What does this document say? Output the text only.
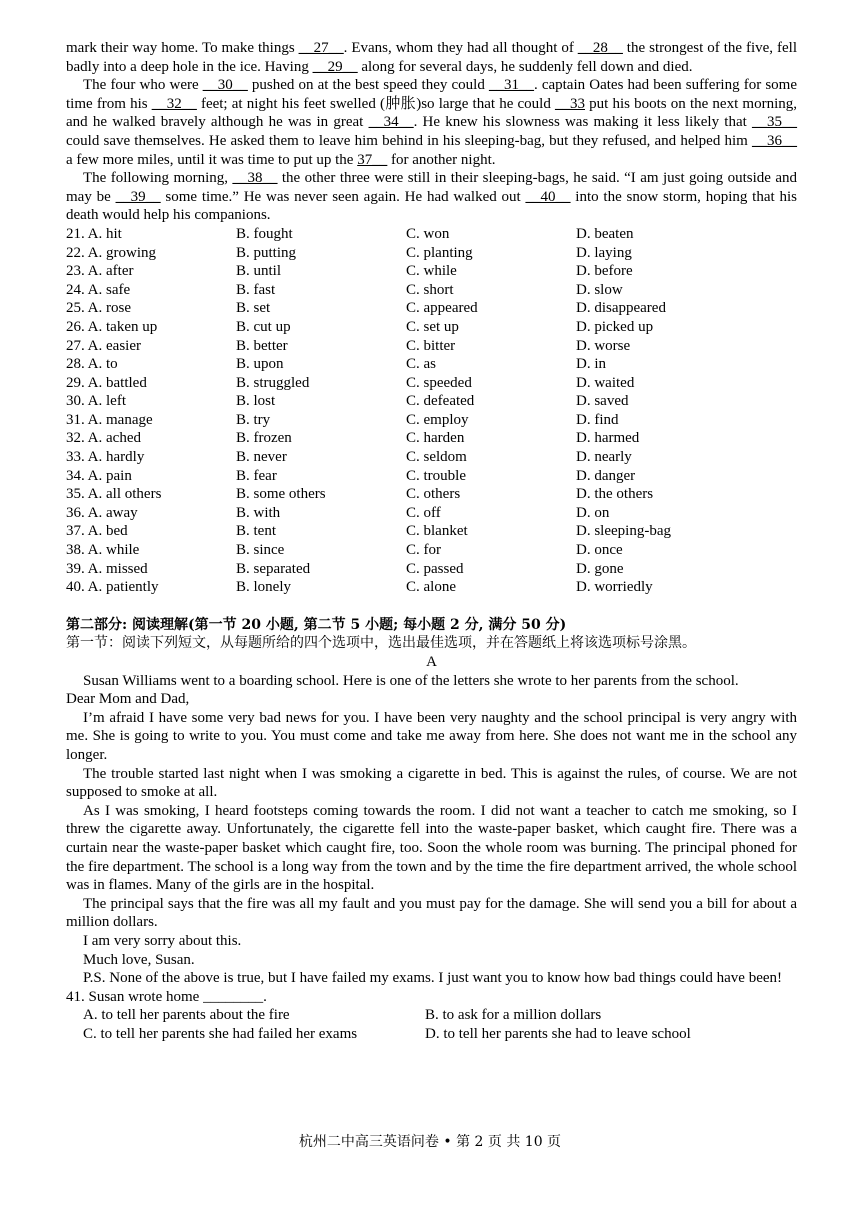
mark their way home. To make things __27__. Evans, whom they had all thought of __28__ the strongest of the five, fell badly into a deep hole in the ice. Having __29__ along for several days, he suddenly fell down and died.

The four who were __30__ pushed on at the best speed they could __31__. captain Oates had been suffering for some time from his __32__ feet; at night his feet swelled (肿胀)so large that he could __33 put his boots on the next morning, and he walked bravely although he was in great __34__. He knew his slowness was making it less likely that __35__ could save themselves. He asked them to leave him behind in his sleeping-bag, but they refused, and helped him __36__ a few more miles, until it was time to put up the 37__ for another night.

The following morning, __38__ the other three were still in their sleeping-bags, he said. “I am just going outside and may be __39__ some time.” He was never seen again. He had walked out __40__ into the snow storm, hoping that his death would help his companions.

21. A. hit	B. fought	C. won	D. beaten
22. A. growing	B. putting	C. planting	D. laying
23. A. after	B. until	C. while	D. before
24. A. safe	B. fast	C. short	D. slow
25. A. rose	B. set	C. appeared	D. disappeared
26. A. taken up	B. cut up	C. set up	D. picked up
27. A. easier	B. better	C. bitter	D. worse
28. A. to	B. upon	C. as	D. in
29. A. battled	B. struggled	C. speeded	D. waited
30. A. left	B. lost	C. defeated	D. saved
31. A. manage	B. try	C. employ	D. find
32. A. ached	B. frozen	C. harden	D. harmed
33. A. hardly	B. never	C. seldom	D. nearly
34. A. pain	B. fear	C. trouble	D. danger
35. A. all others	B. some others	C. others	D. the others
36. A. away	B. with	C. off	D. on
37. A. bed	B. tent	C. blanket	D. sleeping-bag
38. A. while	B. since	C. for	D. once
39. A. missed	B. separated	C. passed	D. gone
40. A. patiently	B. lonely	C. alone	D. worriedly

第二部分: 阅读理解(第一节 20 小题, 第二节 5 小题; 每小题 2 分, 满分 50 分)

第一节：阅读下列短文，从每题所给的四个选项中，选出最佳选项，并在答题纸上将该选项标号涂黑。

A

Susan Williams went to a boarding school. Here is one of the letters she wrote to her parents from the school.

Dear Mom and Dad,

I’m afraid I have some very bad news for you. I have been very naughty and the school principal is very angry with me. She is going to write to you. You must come and take me away from here. She does not want me in the school any longer.

The trouble started last night when I was smoking a cigarette in bed. This is against the rules, of course. We are not supposed to smoke at all.

As I was smoking, I heard footsteps coming towards the room. I did not want a teacher to catch me smoking, so I threw the cigarette away. Unfortunately, the cigarette fell into the waste-paper basket, which caught fire. There was a curtain near the waste-paper basket which caught fire, too. Soon the whole room was burning. The principal phoned for the fire department. The school is a long way from the town and by the time the fire department arrived, the whole school was in flames. Many of the girls are in the hospital.

The principal says that the fire was all my fault and you must pay for the damage. She will send you a bill for about a million dollars.

I am very sorry about this.

Much love, Susan.

P.S. None of the above is true, but I have failed my exams. I just want you to know how bad things could have been!

41. Susan wrote home ________.

A. to tell her parents about the fire	B. to ask for a million dollars
C. to tell her parents she had failed her exams	D. to tell her parents she had to leave school
杭州二中高三英语问卷 • 第 2 页 共 10 页
